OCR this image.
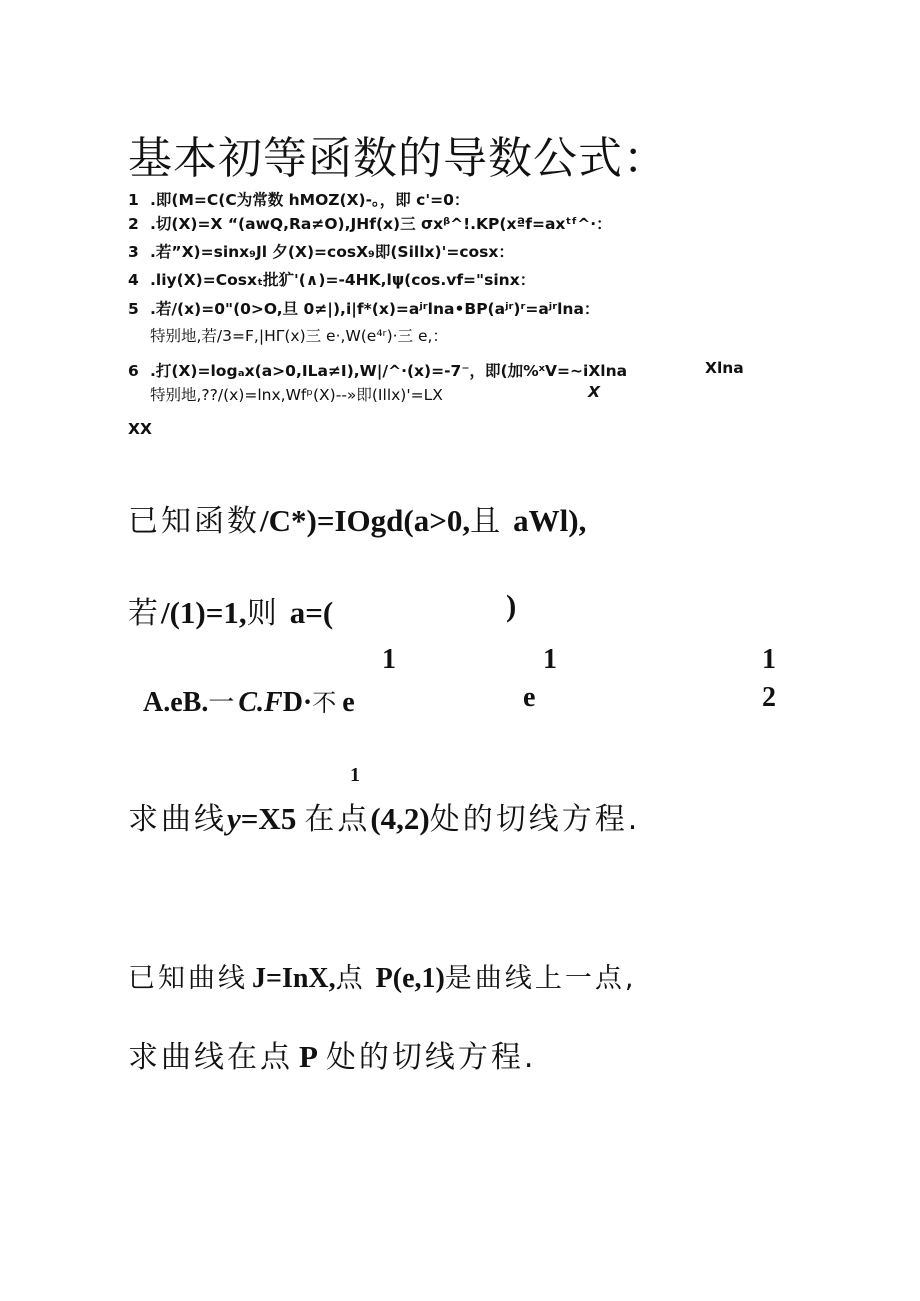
基本初等函数的导数公式：
1 .即(M=C(C为常数 hMOZ(X)-。，即 c'=0：
2 .切(X)=X “(awQ,Ra≠O),JHf(x)三 σxᵝ^!.KP(xªf=axᵗᶠ^·：
3 .若”X)=sinx₉Jl 夕(X)=cosX₉即(Sillx)'=cosx：
4 .liy(X)=Cosxₜ批犷'(∧)=-4HK,lψ(cos.vf="sinx：
5 .若/(x)=0"(0>O,旦 0≠|),i|f*(x)=aʲʳlna•BP(aʲʳ)ʳ=aʲʳlna：
特别地,若/3=F,|HΓ(x)三 e·,W(e⁴ʳ)·三 e,：
6 .打(X)=logₐx(a>0,ILa≠I),W|/^·(x)=-7⁻，即(加%ˣV=~iXlna	Xlna
特别地,??/(x)=lnx,Wfᵖ(X)--»即(Illx)'=LX	X
XX
已知函数/C*)=IOgd(a>0,且 aWl),
若/(1)=1,则 a=(	)
1	1	1
A.eB.一 C.FD·不 e	e	2
1
求曲线y=X5 在点(4,2)处的切线方程.
已知曲线 J=InX,点 P(e,1)是曲线上一点,
求曲线在点 P 处的切线方程.
